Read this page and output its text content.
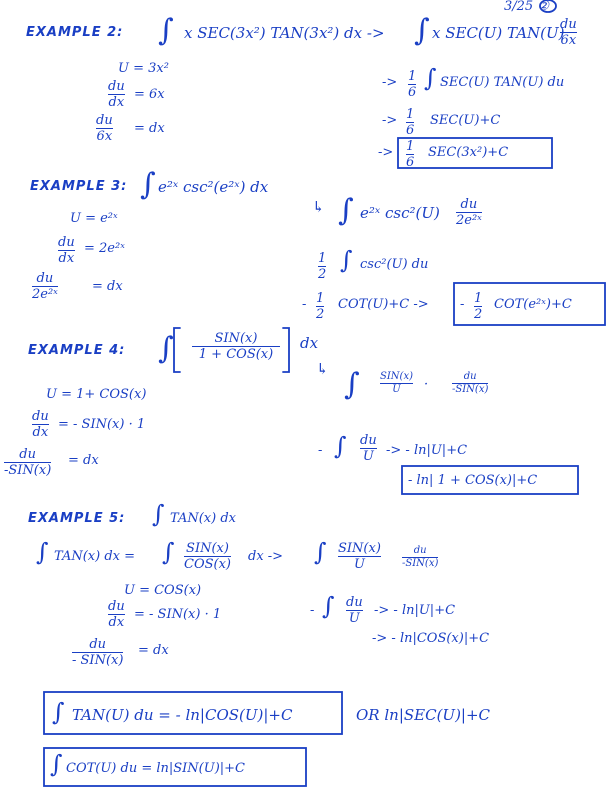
3/25 ②
EXAMPLE 2: ∫ x SEC(3x²) TAN(3x²) dx -> ∫ x SEC(U) TAN(U)
du
6x
U = 3x²
du
dx
= 6x
du
6x
= dx
-> 1
6
∫ SEC(U) TAN(U) du
-> 1
6
SEC(U)+C
-> 1
6
SEC(3x²)+C
EXAMPLE 3: ∫ e²ˣ csc²(e²ˣ) dx
↳ ∫ e²ˣ csc²(U)	du
2e²ˣ
U = e²ˣ
du
dx
= 2e²ˣ
du
2e²ˣ
= dx
1
2
∫ csc²(U) du
- 1
2
COT(U)+C -> - 1
2
COT(e²ˣ)+C
EXAMPLE 4: ∫	SIN(x)
1 + COS(x)
dx
↳ ∫ SIN(x)
U	·
du
-SIN(x)
U = 1+ COS(x)
du
dx
= - SIN(x) · 1
du
-SIN(x)
= dx
- ∫ du
U -> - ln|U|+C
- ln| 1 + COS(x)|+C
EXAMPLE 5: ∫ TAN(x) dx
∫ TAN(x) dx = ∫ SIN(x)
COS(x)
dx -> ∫ SIN(x)
U
du
-SIN(x)
U = COS(x)
du
dx
= - SIN(x) · 1
du
- SIN(x)
= dx
- ∫ du
U
-> - ln|U|+C
-> - ln|COS(x)|+C
∫ TAN(U) du = - ln|COS(U)|+C	OR ln|SEC(U)|+C
∫ COT(U) du = ln|SIN(U)|+C
